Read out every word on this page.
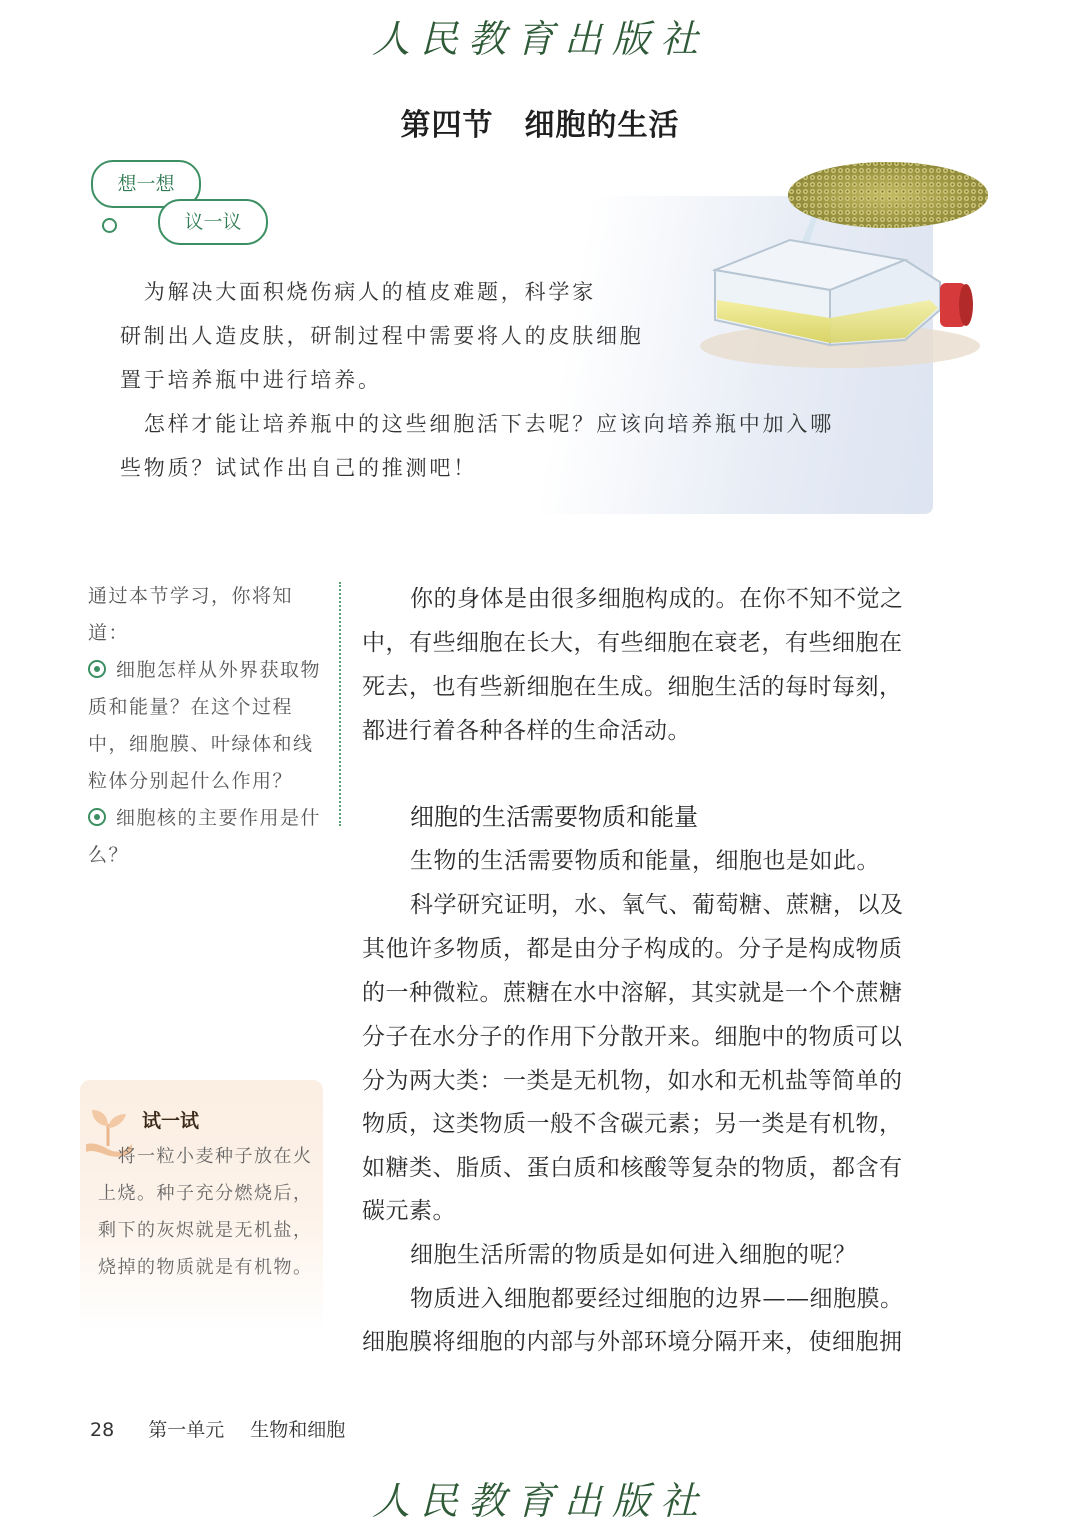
人民教育出版社
第四节　细胞的生活
想一想
议一议
　为解决大面积烧伤病人的植皮难题，科学家
研制出人造皮肤，研制过程中需要将人的皮肤细胞
置于培养瓶中进行培养。
　怎样才能让培养瓶中的这些细胞活下去呢？应该向培养瓶中加入哪
些物质？试试作出自己的推测吧！
通过本节学习，你将知道：
细胞怎样从外界获取物质和能量？在这个过程中，细胞膜、叶绿体和线粒体分别起什么作用？
细胞核的主要作用是什么？
你的身体是由很多细胞构成的。在你不知不觉之
中，有些细胞在长大，有些细胞在衰老，有些细胞在
死去，也有些新细胞在生成。细胞生活的每时每刻，
都进行着各种各样的生命活动。
细胞的生活需要物质和能量
生物的生活需要物质和能量，细胞也是如此。
科学研究证明，水、氧气、葡萄糖、蔗糖，以及
其他许多物质，都是由分子构成的。分子是构成物质
的一种微粒。蔗糖在水中溶解，其实就是一个个蔗糖
分子在水分子的作用下分散开来。细胞中的物质可以
分为两大类：一类是无机物，如水和无机盐等简单的
物质，这类物质一般不含碳元素；另一类是有机物，
如糖类、脂质、蛋白质和核酸等复杂的物质，都含有
碳元素。
细胞生活所需的物质是如何进入细胞的呢？
物质进入细胞都要经过细胞的边界——细胞膜。
细胞膜将细胞的内部与外部环境分隔开来，使细胞拥
试一试
　将一粒小麦种子放在火上烧。种子充分燃烧后，剩下的灰烬就是无机盐，烧掉的物质就是有机物。
28 第一单元 生物和细胞
人民教育出版社
